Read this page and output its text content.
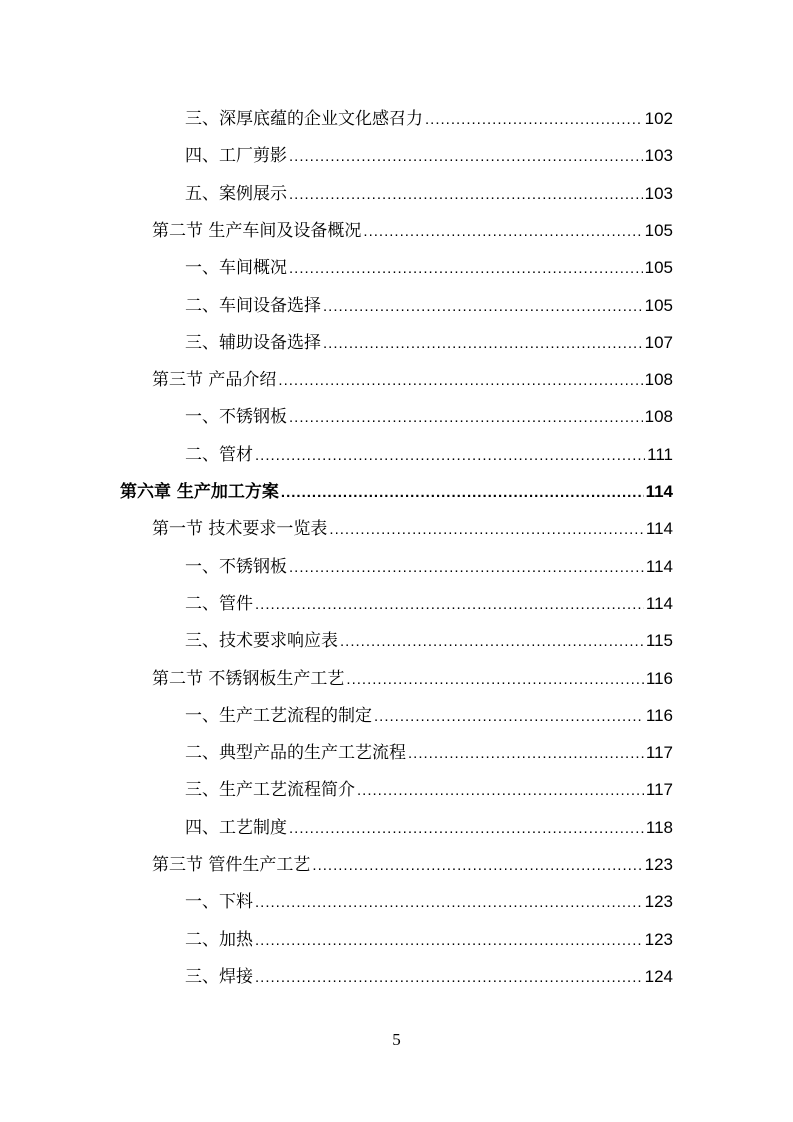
三、深厚底蕴的企业文化感召力 .....	102
四、工厂剪影 .....	103
五、案例展示 .....	103
第二节 生产车间及设备概况 .....	105
一、车间概况 .....	105
二、车间设备选择 .....	105
三、辅助设备选择 .....	107
第三节 产品介绍 .....	108
一、不锈钢板 .....	108
二、管材 .....	111
第六章 生产加工方案 .....	114
第一节 技术要求一览表 .....	114
一、不锈钢板 .....	114
二、管件 .....	114
三、技术要求响应表 .....	115
第二节 不锈钢板生产工艺 .....	116
一、生产工艺流程的制定 .....	116
二、典型产品的生产工艺流程 .....	117
三、生产工艺流程简介 .....	117
四、工艺制度 .....	118
第三节 管件生产工艺 .....	123
一、下料 .....	123
二、加热 .....	123
三、焊接 .....	124
5
